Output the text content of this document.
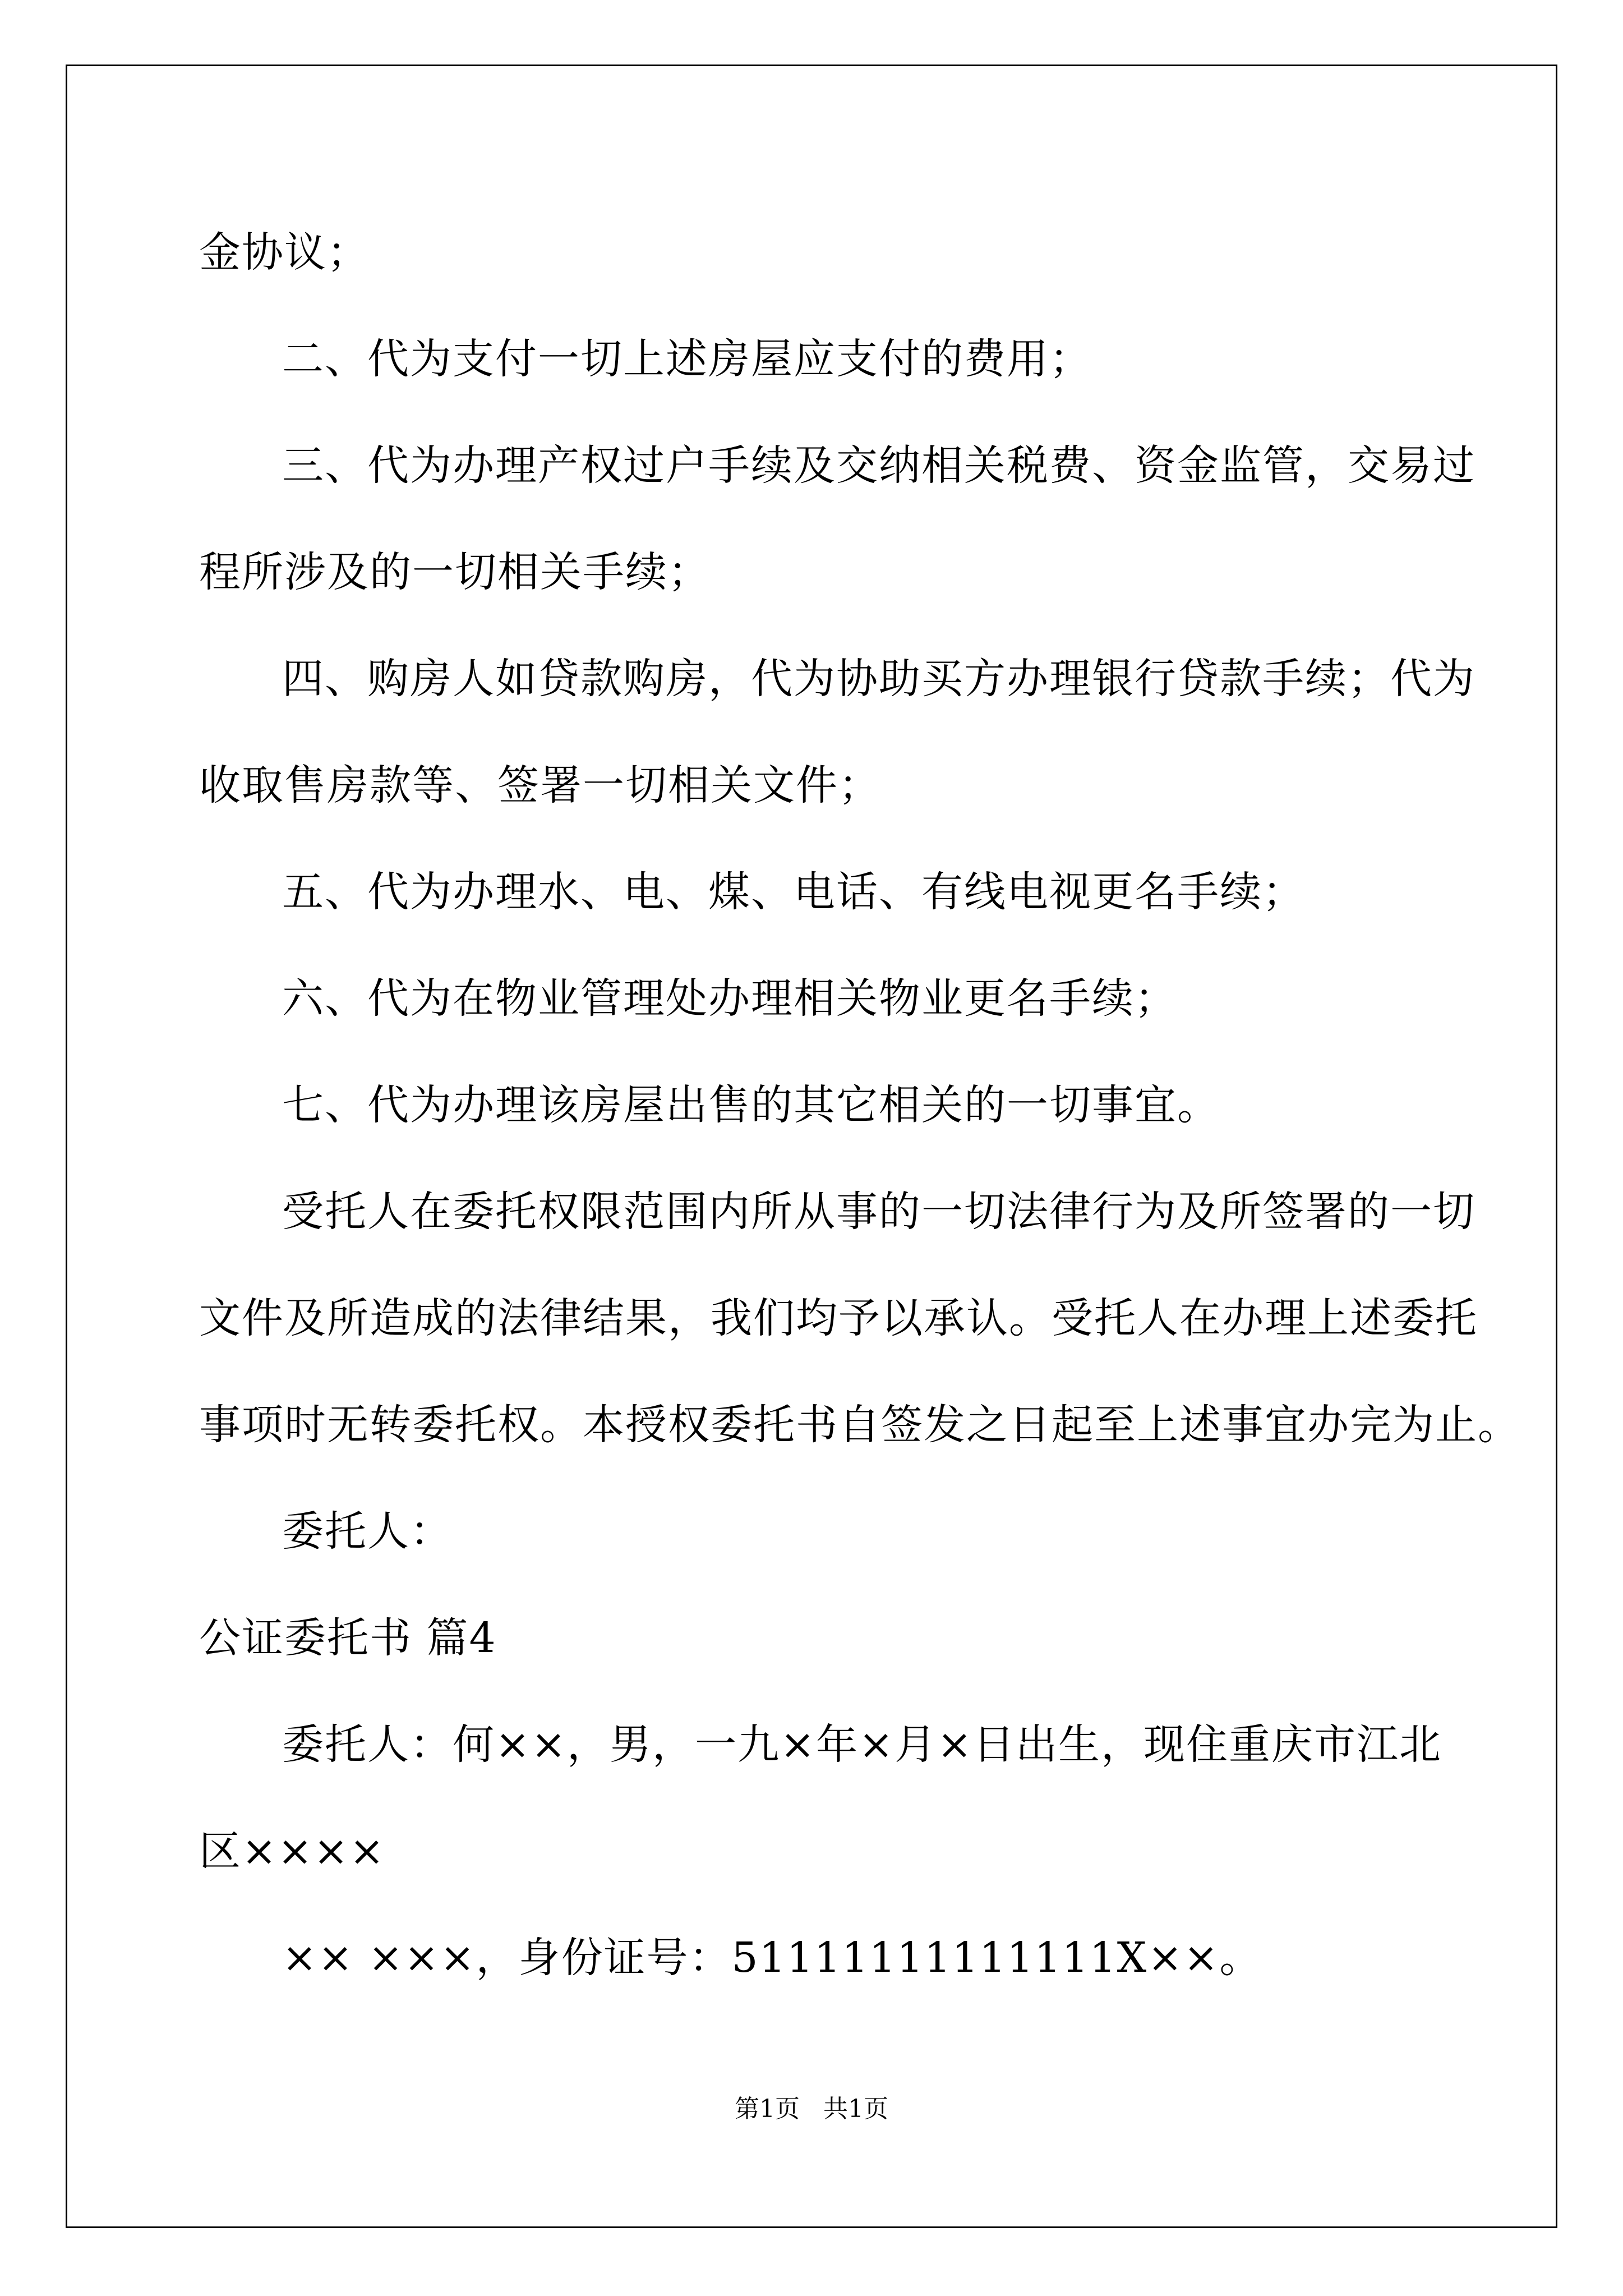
金协议；
二、代为支付一切上述房屋应支付的费用；
三、代为办理产权过户手续及交纳相关税费、资金监管，交易过
程所涉及的一切相关手续；
四、购房人如贷款购房，代为协助买方办理银行贷款手续；代为
收取售房款等、签署一切相关文件；
五、代为办理水、电、煤、电话、有线电视更名手续；
六、代为在物业管理处办理相关物业更名手续；
七、代为办理该房屋出售的其它相关的一切事宜。
受托人在委托权限范围内所从事的一切法律行为及所签署的一切
文件及所造成的法律结果，我们均予以承认。受托人在办理上述委托
事项时无转委托权。本授权委托书自签发之日起至上述事宜办完为止。
委托人：
公证委托书 篇4
委托人：何××，男，一九×年×月×日出生，现住重庆市江北
区××××
×× ×××，身份证号：51111111111111X××。
第1页   共1页
